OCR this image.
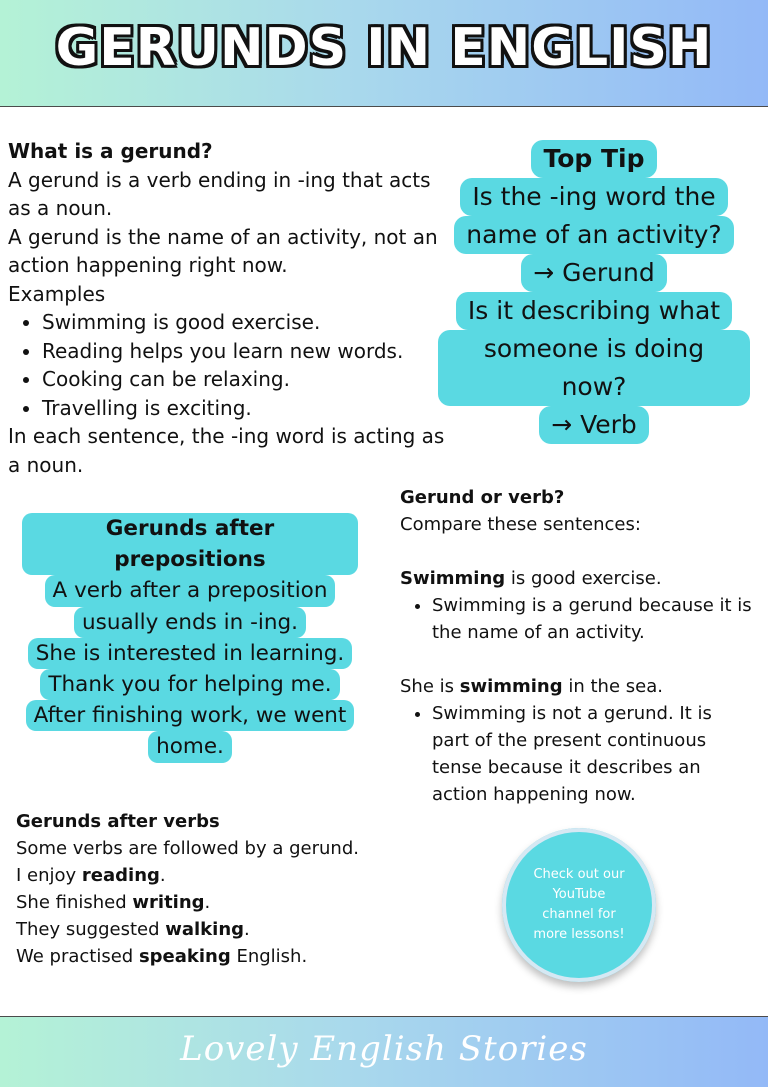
GERUNDS IN ENGLISH
What is a gerund?
A gerund is a verb ending in -ing that acts
as a noun.
A gerund is the name of an activity, not an
action happening right now.
Examples
• Swimming is good exercise.
• Reading helps you learn new words.
• Cooking can be relaxing.
• Travelling is exciting.
In each sentence, the -ing word is acting as
a noun.
Top Tip
Is the -ing word the
name of an activity?
→ Gerund
Is it describing what
someone is doing now?
→ Verb
Gerunds after prepositions
A verb after a preposition
usually ends in -ing.
She is interested in learning.
Thank you for helping me.
After finishing work, we went
home.
Gerund or verb?
Compare these sentences:
Swimming is good exercise.
• Swimming is a gerund because it is
the name of an activity.
She is swimming in the sea.
• Swimming is not a gerund. It is
part of the present continuous
tense because it describes an
action happening now.
Gerunds after verbs
Some verbs are followed by a gerund.
I enjoy reading.
She finished writing.
They suggested walking.
We practised speaking English.
Check out our YouTube channel for more lessons!
Lovely English Stories
